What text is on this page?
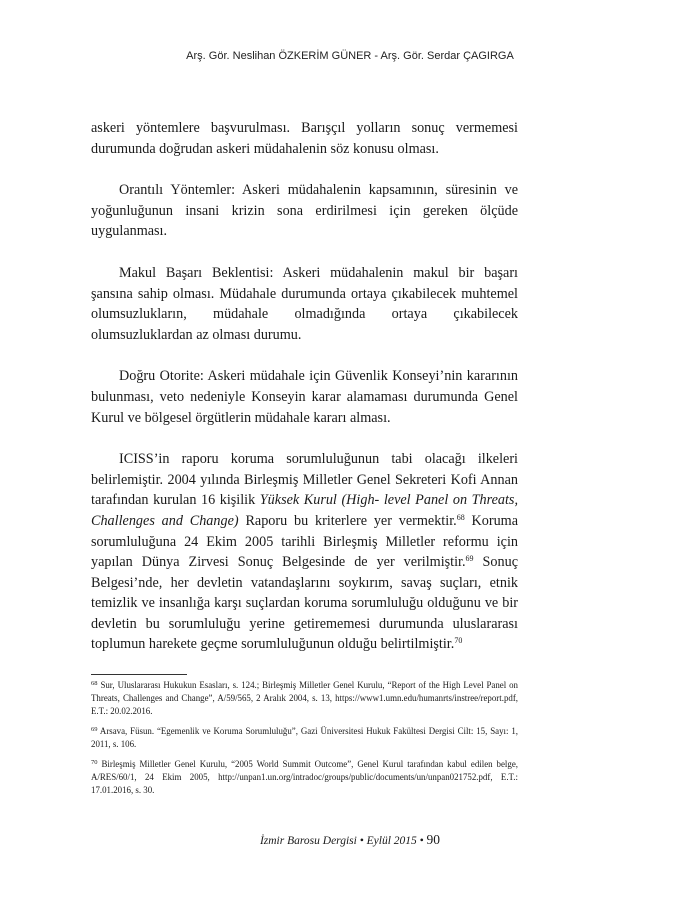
Arş. Gör. Neslihan ÖZKERİM GÜNER - Arş. Gör. Serdar ÇAGIRGA

askeri yöntemlere başvurulması. Barışçıl yolların sonuç vermemesi durumunda doğrudan askeri müdahalenin söz konusu olması.

Orantılı Yöntemler: Askeri müdahalenin kapsamının, süresinin ve yoğunluğunun insani krizin sona erdirilmesi için gereken ölçüde uygulanması.

Makul Başarı Beklentisi: Askeri müdahalenin makul bir başarı şansına sahip olması. Müdahale durumunda ortaya çıkabilecek muhtemel olumsuzlukların, müdahale olmadığında ortaya çıkabilecek olumsuzluklardan az olması durumu.

Doğru Otorite: Askeri müdahale için Güvenlik Konseyi’nin kararının bulunması, veto nedeniyle Konseyin karar alamaması durumunda Genel Kurul ve bölgesel örgütlerin müdahale kararı alması.

ICISS’in raporu koruma sorumluluğunun tabi olacağı ilkeleri belirlemiştir. 2004 yılında Birleşmiş Milletler Genel Sekreteri Kofi Annan tarafından kurulan 16 kişilik Yüksek Kurul (High- level Panel on Threats, Challenges and Change) Raporu bu kriterlere yer vermektir.$^{68}$ Koruma sorumluluğuna 24 Ekim 2005 tarihli Birleşmiş Milletler reformu için yapılan Dünya Zirvesi Sonuç Belgesinde de yer verilmiştir.$^{69}$ Sonuç Belgesi’nde, her devletin vatandaşlarını soykırım, savaş suçları, etnik temizlik ve insanlığa karşı suçlardan koruma sorumluluğu olduğunu ve bir devletin bu sorumluluğu yerine getirememesi durumunda uluslararası toplumun harekete geçme sorumluluğunun olduğu belirtilmiştir.$^{70}$

$^{68}$ Sur, Uluslararası Hukukun Esasları, s. 124.; Birleşmiş Milletler Genel Kurulu, “Report of the High Level Panel on Threats, Challenges and Change”, A/59/565, 2 Aralık 2004, s. 13, https://www1.umn.edu/humanrts/instree/report.pdf, E.T.: 20.02.2016.

$^{69}$ Arsava, Füsun. “Egemenlik ve Koruma Sorumluluğu”, Gazi Üniversitesi Hukuk Fakültesi Dergisi Cilt: 15, Sayı: 1, 2011, s. 106.

$^{70}$ Birleşmiş Milletler Genel Kurulu, “2005 World Summit Outcome”, Genel Kurul tarafından kabul edilen belge, A/RES/60/1, 24 Ekim 2005, http://unpan1.un.org/intradoc/groups/public/documents/un/unpan021752.pdf, E.T.: 17.01.2016, s. 30.

İzmir Barosu Dergisi • Eylül 2015 • 90
